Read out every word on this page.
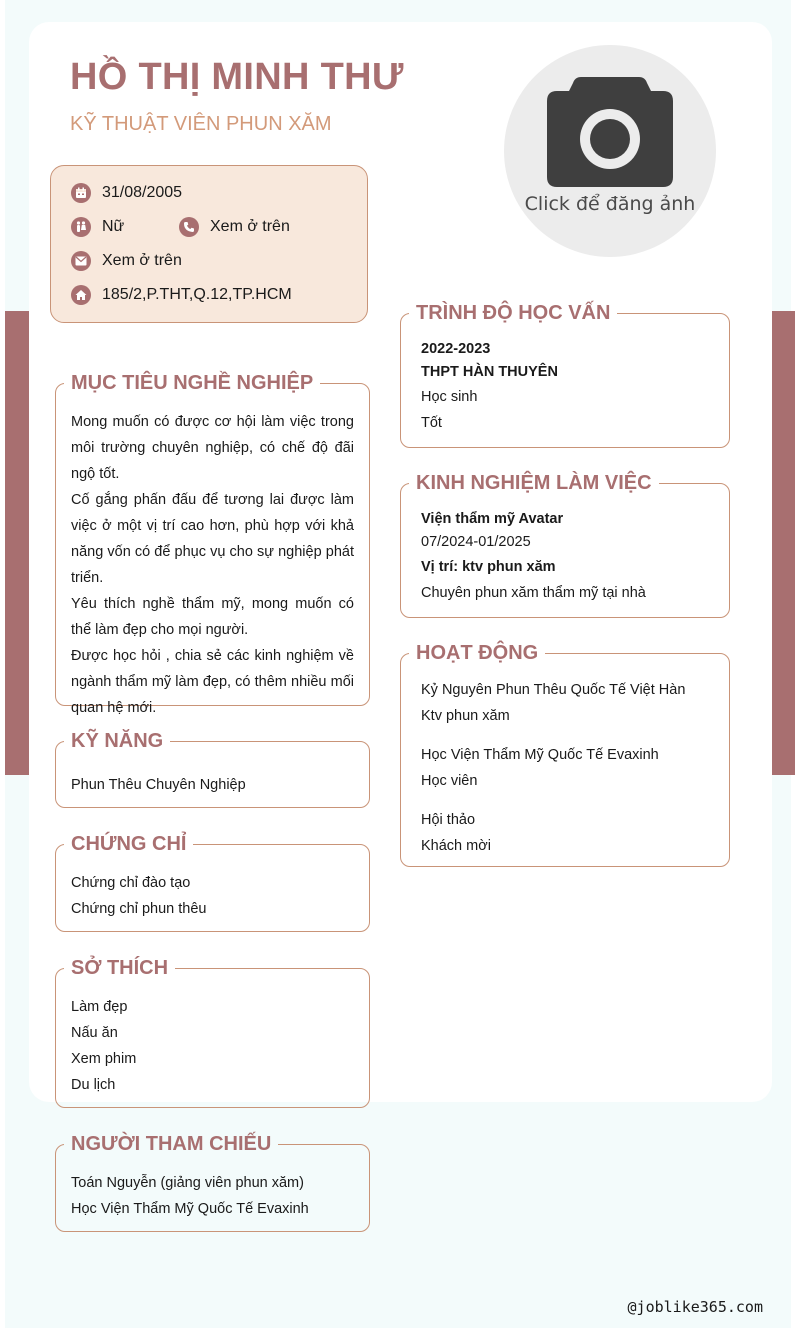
HỒ THỊ MINH THƯ
KỸ THUẬT VIÊN PHUN XĂM
Click để đăng ảnh
31/08/2005
Nữ	Xem ở trên
Xem ở trên
185/2,P.THT,Q.12,TP.HCM
MỤC TIÊU NGHỀ NGHIỆP
Mong muốn có được cơ hội làm việc trong môi trường chuyên nghiệp, có chế độ đãi ngộ tốt.
Cố gắng phấn đấu để tương lai được làm việc ở một vị trí cao hơn, phù hợp với khả năng vốn có để phục vụ cho sự nghiệp phát triển.
Yêu thích nghề thẩm mỹ, mong muốn có thể làm đẹp cho mọi người.
Được học hỏi , chia sẻ các kinh nghiệm về ngành thẩm mỹ làm đẹp, có thêm nhiều mối quan hệ mới.
KỸ NĂNG
Phun Thêu Chuyên Nghiệp
CHỨNG CHỈ
Chứng chỉ đào tạo
Chứng chỉ phun thêu
SỞ THÍCH
Làm đẹp
Nấu ăn
Xem phim
Du lịch
NGƯỜI THAM CHIẾU
Toán Nguyễn (giảng viên phun xăm)
Học Viện Thẩm Mỹ Quốc Tế Evaxinh
TRÌNH ĐỘ HỌC VẤN
2022-2023
THPT HÀN THUYÊN
Học sinh
Tốt
KINH NGHIỆM LÀM VIỆC
Viện thẩm mỹ Avatar
07/2024-01/2025
Vị trí: ktv phun xăm
Chuyên phun xăm thẩm mỹ tại nhà
HOẠT ĐỘNG
Kỷ Nguyên Phun Thêu Quốc Tế Việt Hàn
Ktv phun xăm
Học Viện Thẩm Mỹ Quốc Tế Evaxinh
Học viên
Hội thảo
Khách mời
@joblike365.com
